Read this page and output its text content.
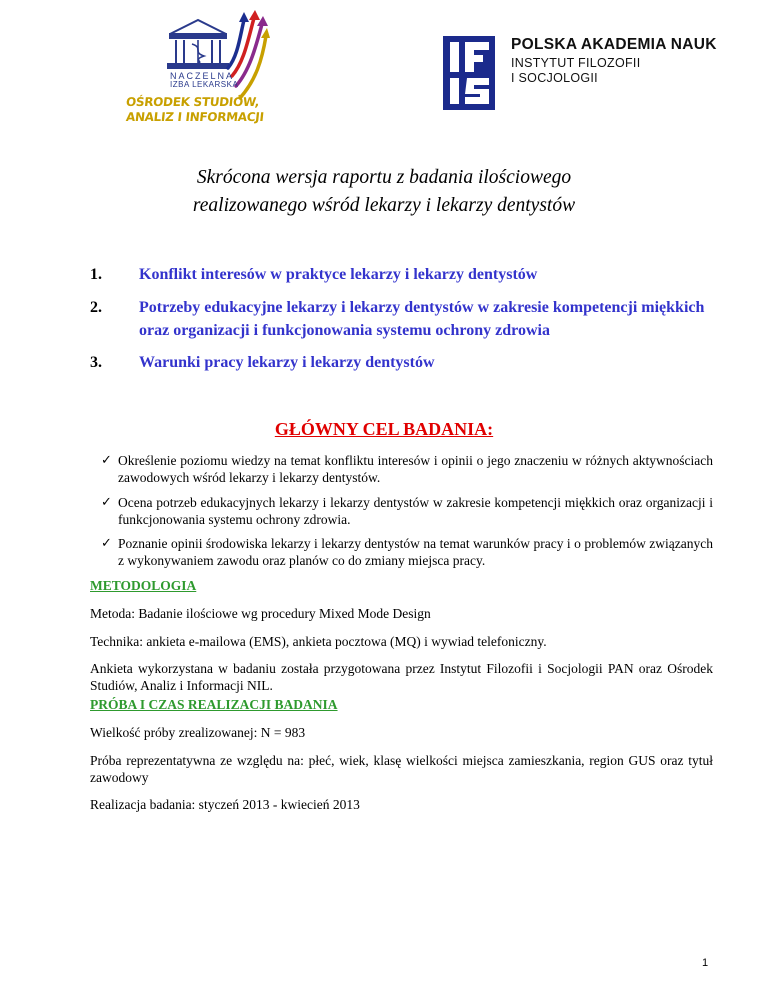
NACZELNA
IZBA LEKARSKA
OŚRODEK STUDIÓW,
ANALIZ I INFORMACJI
POLSKA AKADEMIA NAUK
INSTYTUT FILOZOFII
I SOCJOLOGII
Skrócona wersja raportu z badania ilościowego
realizowanego wśród lekarzy i lekarzy dentystów
1. Konflikt interesów w praktyce lekarzy i lekarzy dentystów
2. Potrzeby edukacyjne lekarzy i lekarzy dentystów w zakresie kompetencji miękkich oraz organizacji i funkcjonowania systemu ochrony zdrowia
3. Warunki pracy lekarzy i lekarzy dentystów
GŁÓWNY CEL BADANIA:
✓ Określenie poziomu wiedzy na temat konfliktu interesów i opinii o jego znaczeniu w różnych aktywnościach zawodowych wśród lekarzy i lekarzy dentystów.
✓ Ocena potrzeb edukacyjnych lekarzy i lekarzy dentystów w zakresie kompetencji miękkich oraz organizacji i funkcjonowania systemu ochrony zdrowia.
✓ Poznanie opinii środowiska lekarzy i lekarzy dentystów na temat warunków pracy i o problemów związanych z wykonywaniem zawodu oraz planów co do zmiany miejsca pracy.
METODOLOGIA
Metoda: Badanie ilościowe wg procedury Mixed Mode Design
Technika: ankieta e-mailowa (EMS), ankieta pocztowa (MQ) i wywiad telefoniczny.
Ankieta wykorzystana w badaniu została przygotowana przez Instytut Filozofii i Socjologii PAN oraz Ośrodek Studiów, Analiz i Informacji NIL.
PRÓBA I CZAS REALIZACJI BADANIA
Wielkość próby zrealizowanej: N = 983
Próba reprezentatywna ze względu na: płeć, wiek, klasę wielkości miejsca zamieszkania, region GUS oraz tytuł zawodowy
Realizacja badania: styczeń 2013 - kwiecień 2013
1
